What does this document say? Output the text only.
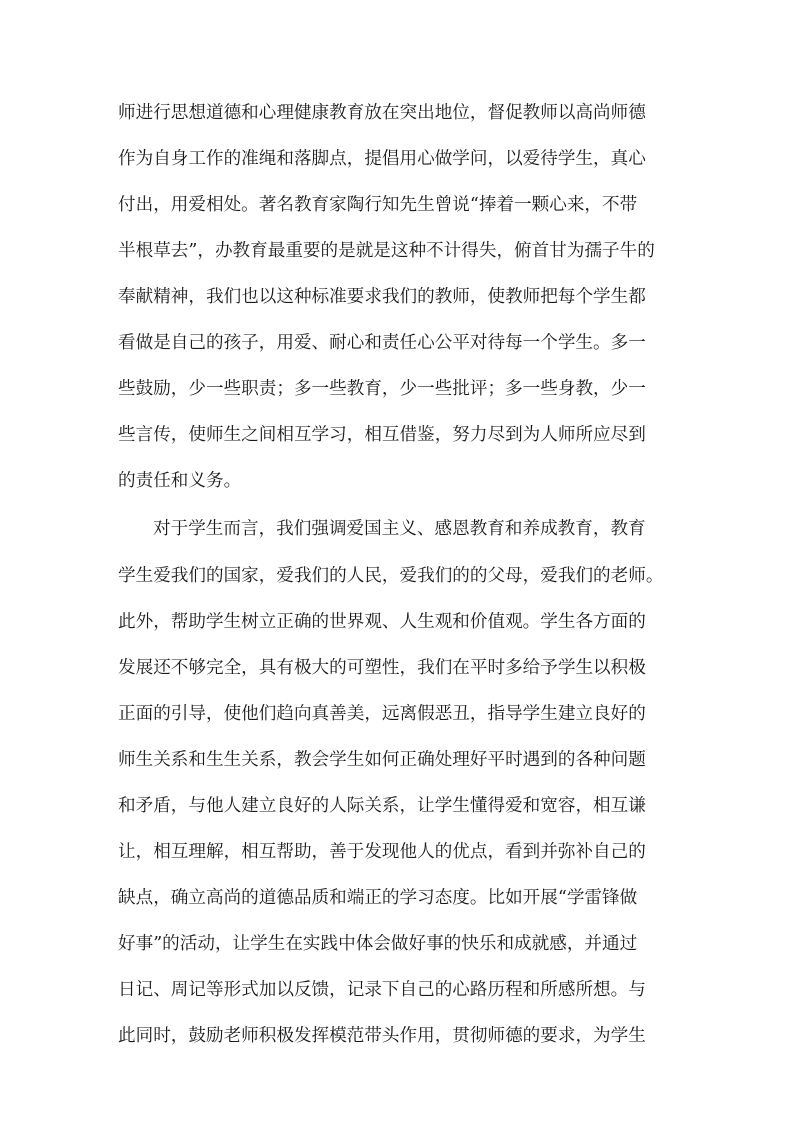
师进行思想道德和心理健康教育放在突出地位，督促教师以高尚师德
作为自身工作的准绳和落脚点，提倡用心做学问，以爱待学生，真心
付出，用爱相处。著名教育家陶行知先生曾说“捧着一颗心来，不带
半根草去”，办教育最重要的是就是这种不计得失，俯首甘为孺子牛的
奉献精神，我们也以这种标准要求我们的教师，使教师把每个学生都
看做是自己的孩子，用爱、耐心和责任心公平对待每一个学生。多一
些鼓励，少一些职责；多一些教育，少一些批评；多一些身教，少一
些言传，使师生之间相互学习，相互借鉴，努力尽到为人师所应尽到
的责任和义务。
对于学生而言，我们强调爱国主义、感恩教育和养成教育，教育
学生爱我们的国家，爱我们的人民，爱我们的的父母，爱我们的老师。
此外，帮助学生树立正确的世界观、人生观和价值观。学生各方面的
发展还不够完全，具有极大的可塑性，我们在平时多给予学生以积极
正面的引导，使他们趋向真善美，远离假恶丑，指导学生建立良好的
师生关系和生生关系，教会学生如何正确处理好平时遇到的各种问题
和矛盾，与他人建立良好的人际关系，让学生懂得爱和宽容，相互谦
让，相互理解，相互帮助，善于发现他人的优点，看到并弥补自己的
缺点，确立高尚的道德品质和端正的学习态度。比如开展“学雷锋做
好事”的活动，让学生在实践中体会做好事的快乐和成就感，并通过
日记、周记等形式加以反馈，记录下自己的心路历程和所感所想。与
此同时，鼓励老师积极发挥模范带头作用，贯彻师德的要求，为学生
